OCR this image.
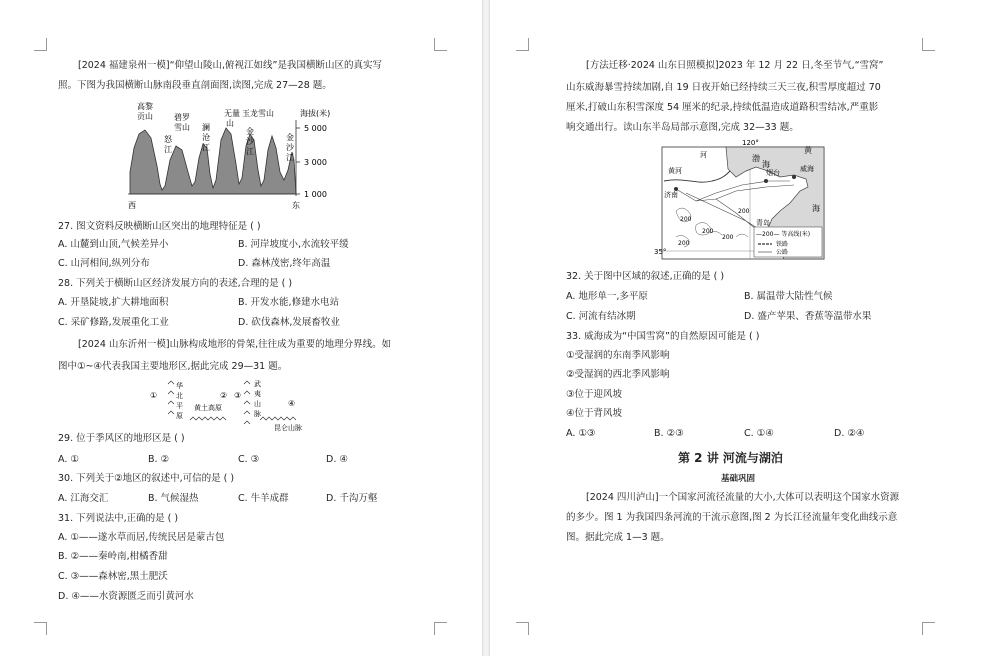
[2024 福建泉州一模]“仰望山陵山,俯视江如线”是我国横断山区的真实写
照。下图为我国横断山脉南段垂直剖面图,读图,完成 27—28 题。
高黎
贡山
怒
江
碧罗
雪山 澜
沧
江
无量
山
玉龙雪山
金
沙
江
金
沙
江
海拔(米)
5 000
3 000
1 000
西	东
27. 图文资料反映横断山区突出的地理特征是 ( )
A. 山麓到山顶,气候差异小	B. 河岸坡度小,水流较平缓
C. 山河相间,纵列分布	D. 森林茂密,终年高温
28. 下列关于横断山区经济发展方向的表述,合理的是 ( )
A. 开垦陡坡,扩大耕地面积	B. 开发水能,修建水电站
C. 采矿修路,发展重化工业	D. 砍伐森林,发展畜牧业
[2024 山东沂州一模]山脉构成地形的骨架,往往成为重要的地理分界线。如
图中①~④代表我国主要地形区,据此完成 29—31 题。
①
华
北
平
原
②
黄土高原
③
武
夷
山
脉
④
昆仑山脉
29. 位于季风区的地形区是 ( )
A. ①	B. ②	C. ③	D. ④
30. 下列关于②地区的叙述中,可信的是 ( )
A. 江海交汇	B. 气候湿热	C. 牛羊成群	D. 千沟万壑
31. 下列说法中,正确的是 ( )
A. ①——遂水草而居,传统民居是蒙古包
B. ②——秦岭南,柑橘香甜
C. ③——森林密,黑土肥沃
D. ④——水资源匮乏而引黄河水
[方法迁移·2024 山东日照模拟]2023 年 12 月 22 日,冬至节气,“雪窝”
山东威海暴雪持续加剧,自 19 日夜开始已经持续三天三夜,积雪厚度超过 70
厘米,打破山东积雪深度 54 厘米的纪录,持续低温造成道路积雪结冰,严重影
响交通出行。读山东半岛局部示意图,完成 32—33 题。
120°
35°
渤
海
黄
海
黄河
河
济南
烟台	威海
青岛
200
200
200
200
200
—200— 等高线(米)
铁路
公路
32. 关于图中区域的叙述,正确的是 ( )
A. 地形单一,多平原	B. 属温带大陆性气候
C. 河流有结冰期	D. 盛产苹果、香蕉等温带水果
33. 威海成为“中国雪窝”的自然原因可能是 ( )
①受湿润的东南季风影响
②受湿润的西北季风影响
③位于迎风坡
④位于背风坡
A. ①③	B. ②③	C. ①④	D. ②④
第 2 讲 河流与湖泊
基础巩固
[2024 四川泸山]一个国家河流径流量的大小,大体可以表明这个国家水资源
的多少。图 1 为我国四条河流的干流示意图,图 2 为长江径流量年变化曲线示意
图。据此完成 1—3 题。
